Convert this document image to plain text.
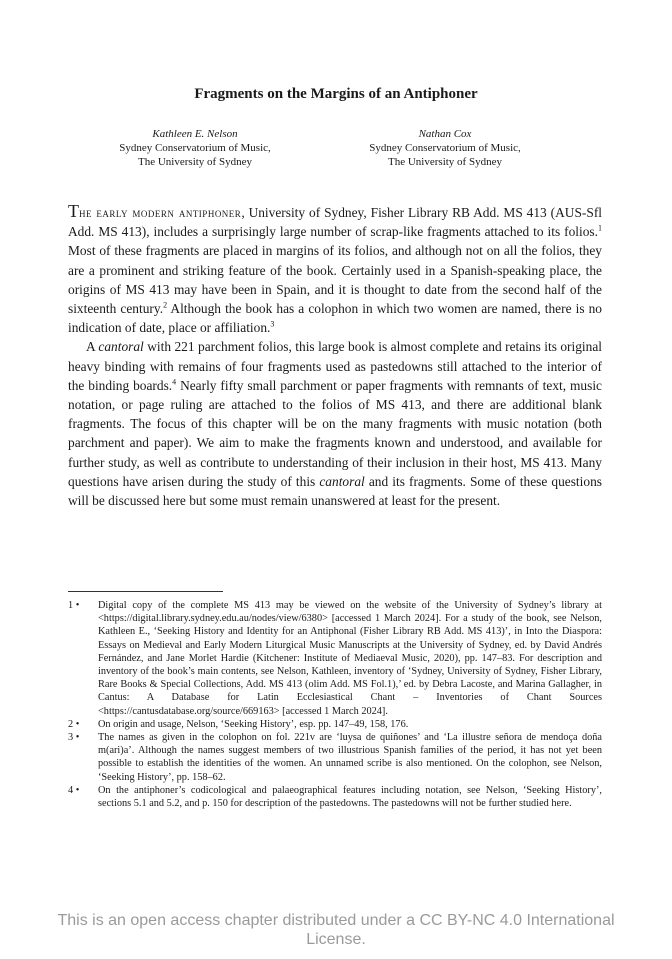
Fragments on the Margins of an Antiphoner
Kathleen E. Nelson
Sydney Conservatorium of Music,
The University of Sydney
Nathan Cox
Sydney Conservatorium of Music,
The University of Sydney

The early modern antiphoner, University of Sydney, Fisher Library RB Add. MS 413 (AUS-Sfl Add. MS 413), includes a surprisingly large number of scrap-like fragments attached to its folios.$^1$ Most of these fragments are placed in margins of its folios, and although not on all the folios, they are a prominent and striking feature of the book. Certainly used in a Spanish-speaking place, the origins of MS 413 may have been in Spain, and it is thought to date from the second half of the sixteenth century.$^2$ Although the book has a colophon in which two women are named, there is no indication of date, place or affiliation.$^3$

A cantoral with 221 parchment folios, this large book is almost complete and retains its original heavy binding with remains of four fragments used as pastedowns still attached to the interior of the binding boards.$^4$ Nearly fifty small parchment or paper fragments with remnants of text, music notation, or page ruling are attached to the folios of MS 413, and there are additional blank fragments. The focus of this chapter will be on the many fragments with music notation (both parchment and paper). We aim to make the fragments known and understood, and available for further study, as well as contribute to understanding of their inclusion in their host, MS 413. Many questions have arisen during the study of this cantoral and its fragments. Some of these questions will be discussed here but some must remain unanswered at least for the present.

1 •	Digital copy of the complete MS 413 may be viewed on the website of the University of Sydney’s library at <https://digital.library.sydney.edu.au/nodes/view/6380> [accessed 1 March 2024]. For a study of the book, see Nelson, Kathleen E., ‘Seeking History and Identity for an Antiphonal (Fisher Library RB Add. MS 413)’, in Into the Diaspora: Essays on Medieval and Early Modern Liturgical Music Manuscripts at the University of Sydney, ed. by David Andrés Fernández, and Jane Morlet Hardie (Kitchener: Institute of Mediaeval Music, 2020), pp. 147–83. For description and inventory of the book’s main contents, see Nelson, Kathleen, inventory of ‘Sydney, University of Sydney, Fisher Library, Rare Books & Special Collections, Add. MS 413 (olim Add. MS Fol.1),’ ed. by Debra Lacoste, and Marina Gallagher, in Cantus: A Database for Latin Ecclesiastical Chant – Inventories of Chant Sources <https://cantusdatabase.org/source/669163> [accessed 1 March 2024].
2 •	On origin and usage, Nelson, ‘Seeking History’, esp. pp. 147–49, 158, 176.
3 •	The names as given in the colophon on fol. 221v are ‘luysa de quiñones’ and ‘La illustre señora de mendoça doña m(ari)a’. Although the names suggest members of two illustrious Spanish families of the period, it has not yet been possible to establish the identities of the women. An unnamed scribe is also mentioned. On the colophon, see Nelson, ‘Seeking History’, pp. 158–62.
4 •	On the antiphoner’s codicological and palaeographical features including notation, see Nelson, ‘Seeking History’, sections 5.1 and 5.2, and p. 150 for description of the pastedowns. The pastedowns will not be further studied here.
This is an open access chapter distributed under a CC BY-NC 4.0 International License.
